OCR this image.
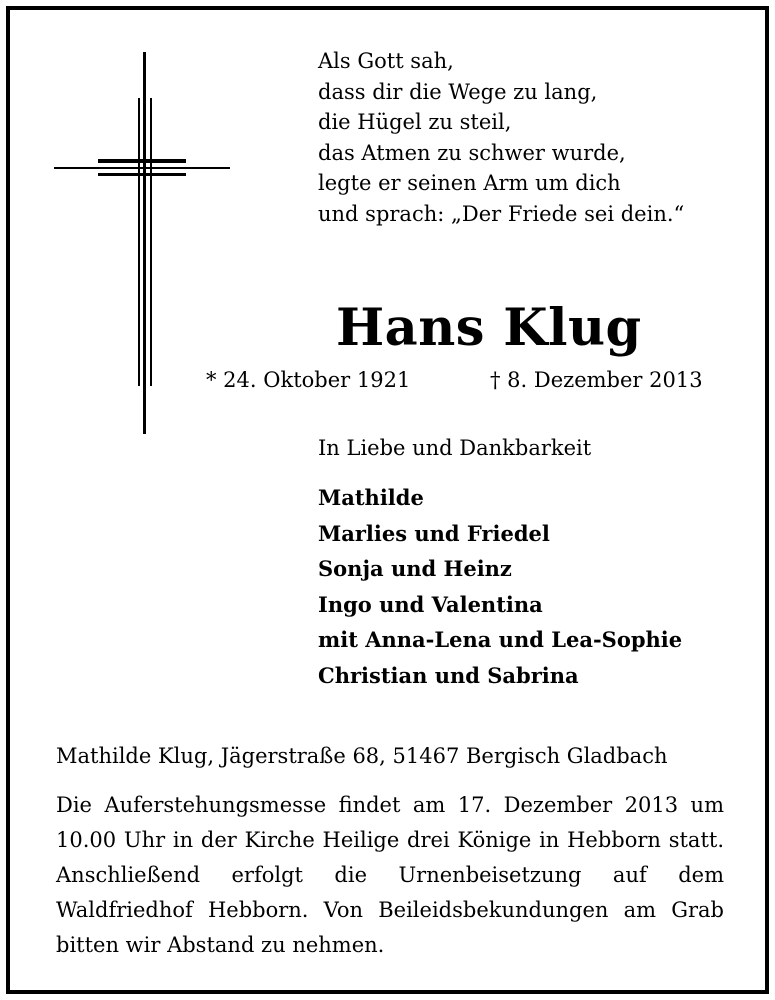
Als Gott sah,
dass dir die Wege zu lang,
die Hügel zu steil,
das Atmen zu schwer wurde,
legte er seinen Arm um dich
und sprach: „Der Friede sei dein.“
Hans Klug
* 24. Oktober 1921	† 8. Dezember 2013
In Liebe und Dankbarkeit
Mathilde
Marlies und Friedel
Sonja und Heinz
Ingo und Valentina
mit Anna-Lena und Lea-Sophie
Christian und Sabrina
Mathilde Klug, Jägerstraße 68, 51467 Bergisch Gladbach
Die Auferstehungsmesse findet am 17. Dezember 2013 um 10.00 Uhr in der Kirche Heilige drei Könige in Hebborn statt. Anschließend erfolgt die Urnenbeisetzung auf dem Waldfriedhof Hebborn. Von Beileidsbekundungen am Grab bitten wir Abstand zu nehmen.
